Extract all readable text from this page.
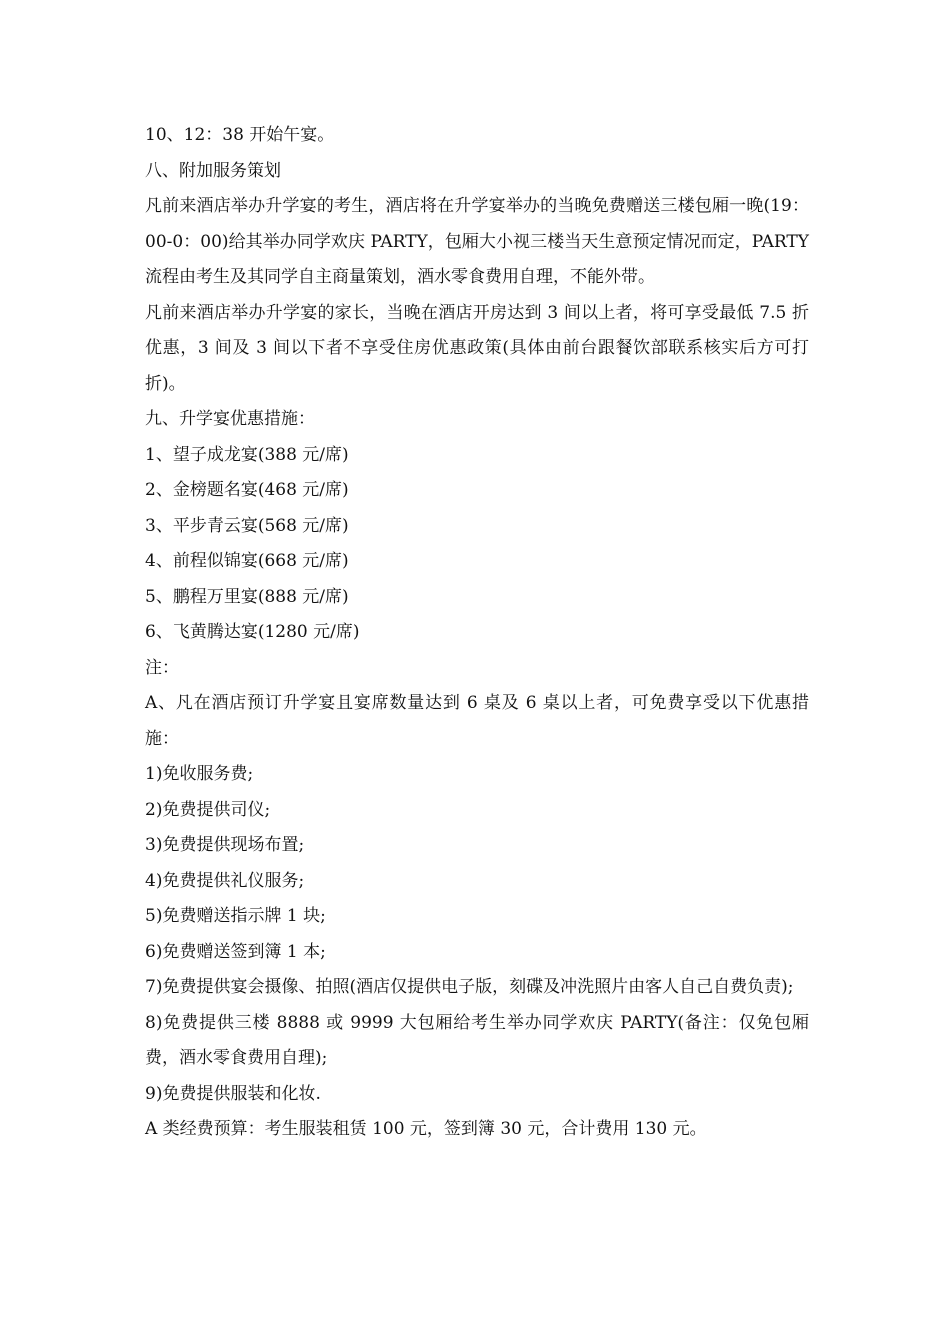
10、12：38 开始午宴。

八、附加服务策划

凡前来酒店举办升学宴的考生，酒店将在升学宴举办的当晚免费赠送三楼包厢一晚(19：00-0：00)给其举办同学欢庆 PARTY，包厢大小视三楼当天生意预定情况而定，PARTY 流程由考生及其同学自主商量策划，酒水零食费用自理，不能外带。

凡前来酒店举办升学宴的家长，当晚在酒店开房达到 3 间以上者，将可享受最低 7.5 折优惠，3 间及 3 间以下者不享受住房优惠政策(具体由前台跟餐饮部联系核实后方可打折)。

九、升学宴优惠措施：

1、望子成龙宴(388 元/席)

2、金榜题名宴(468 元/席)

3、平步青云宴(568 元/席)

4、前程似锦宴(668 元/席)

5、鹏程万里宴(888 元/席)

6、飞黄腾达宴(1280 元/席)

注：

A、凡在酒店预订升学宴且宴席数量达到 6 桌及 6 桌以上者，可免费享受以下优惠措施：

1)免收服务费;

2)免费提供司仪;

3)免费提供现场布置;

4)免费提供礼仪服务;

5)免费赠送指示牌 1 块;

6)免费赠送签到簿 1 本;

7)免费提供宴会摄像、拍照(酒店仅提供电子版，刻碟及冲洗照片由客人自己自费负责);

8)免费提供三楼 8888 或 9999 大包厢给考生举办同学欢庆 PARTY(备注：仅免包厢费，酒水零食费用自理);

9)免费提供服装和化妆.

A 类经费预算：考生服装租赁 100 元，签到簿 30 元，合计费用 130 元。
